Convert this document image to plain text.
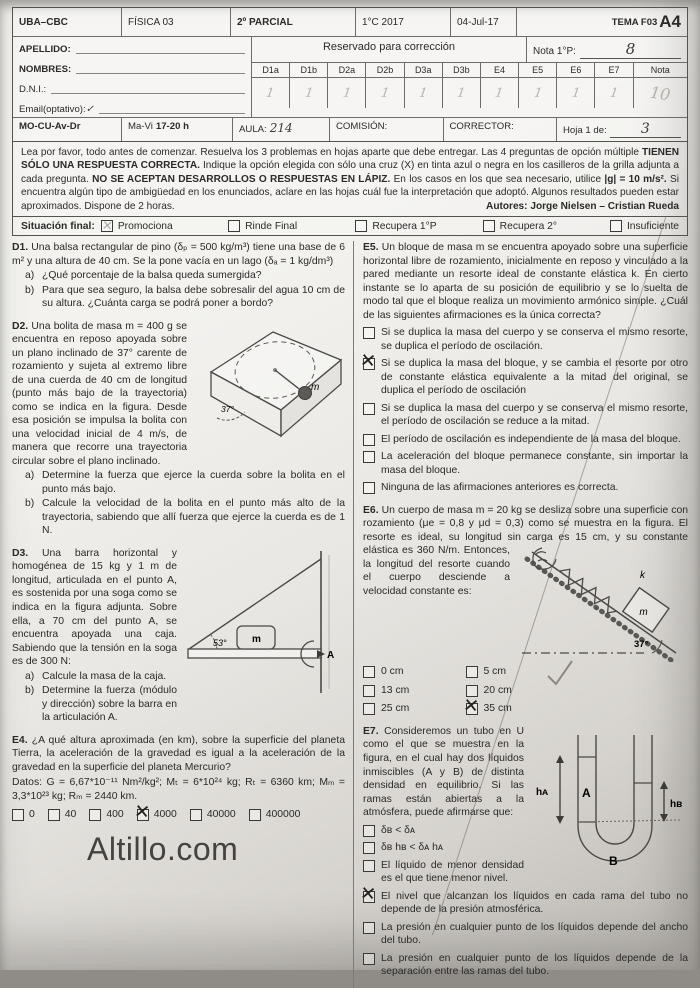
UBA–CBC	FÍSICA 03	2º PARCIAL	1°C 2017	04-Jul-17	TEMA F03 A4
APELLIDO:
NOMBRES:
D.N.I.:
Email(optativo): ✓
Reservado para corrección	Nota 1°P:	8
D1a	D1b	D2a	D2b	D3a	D3b	E4	E5	E6	E7	Nota
1 1 1 1 1 1 1 1 1 1 10
MO-CU-Av-Dr	Ma-Vi 17-20 h	AULA: 214	COMISIÓN:	CORRECTOR:	Hoja 1 de:	3
Lea por favor, todo antes de comenzar. Resuelva los 3 problemas en hojas aparte que debe entregar. Las 4 preguntas de opción múltiple TIENEN SÓLO UNA RESPUESTA CORRECTA. Indique la opción elegida con sólo una cruz (X) en tinta azul o negra en los casilleros de la grilla adjunta a cada pregunta. NO SE ACEPTAN DESARROLLOS O RESPUESTAS EN LÁPIZ. En los casos en los que sea necesario, utilice |g| = 10 m/s². Si encuentra algún tipo de ambigüedad en los enunciados, aclare en las hojas cuál fue la interpretación que adoptó. Algunos resultados pueden estar aproximados. Dispone de 2 horas.	Autores: Jorge Nielsen – Cristian Rueda
Situación final: ✕ Promociona	Rinde Final	Recupera 1°P	Recupera 2°	Insuficiente

D1. Una balsa rectangular de pino (δₚ = 500 kg/m³) tiene una base de 6 m² y una altura de 40 cm. Se la pone vacía en un lago (δₐ = 1 kg/dm³)

a) ¿Qué porcentaje de la balsa queda sumergida?
b) Para que sea seguro, la balsa debe sobresalir del agua 10 cm de su altura. ¿Cuánta carga se podrá poner a bordo?

m
37°
D2. Una bolita de masa m = 400 g se encuentra en reposo apoyada sobre un plano inclinado de 37° carente de rozamiento y sujeta al extremo libre de una cuerda de 40 cm de longitud (punto más bajo de la trayectoria) como se indica en la figura. Desde esa posición se impulsa la bolita con una velocidad inicial de 4 m/s, de manera que recorre una trayectoria circular sobre el plano inclinado.

a) Determine la fuerza que ejerce la cuerda sobre la bolita en el punto más bajo.
b) Calcule la velocidad de la bolita en el punto más alto de la trayectoria, sabiendo que allí fuerza que ejerce la cuerda es de 1 N.

53°	m
A
D3. Una barra horizontal y homogénea de 15 kg y 1 m de longitud, articulada en el punto A, es sostenida por una soga como se indica en la figura adjunta. Sobre ella, a 70 cm del punto A, se encuentra apoyada una caja. Sabiendo que la tensión en la soga es de 300 N:

a) Calcule la masa de la caja.
b) Determine la fuerza (módulo y dirección) sobre la barra en la articulación A.

E4. ¿A qué altura aproximada (en km), sobre la superficie del planeta Tierra, la aceleración de la gravedad es igual a la aceleración de la gravedad en la superficie del planeta Mercurio?

Datos: G = 6,67*10⁻¹¹ Nm²/kg²; Mₜ = 6*10²⁴ kg; Rₜ = 6360 km; Mₘ = 3,3*10²³ kg; Rₘ = 2440 km.

0	40	400 ✕ 4000	40000	400000
Altillo.com

E5. Un bloque de masa m se encuentra apoyado sobre una superficie horizontal libre de rozamiento, inicialmente en reposo y vinculado a la pared mediante un resorte ideal de constante elástica k. En cierto instante se lo aparta de su posición de equilibrio y se lo suelta de modo tal que el bloque realiza un movimiento armónico simple. ¿Cuál de las siguientes afirmaciones es la única correcta?

Si se duplica la masa del cuerpo y se conserva el mismo resorte, se duplica el período de oscilación.
✕ Si se duplica la masa del bloque, y se cambia el resorte por otro de constante elástica equivalente a la mitad del original, se duplica el período de oscilación
Si se duplica la masa del cuerpo y se conserva el mismo resorte, el período de oscilación se reduce a la mitad.
El período de oscilación es independiente de la masa del bloque.
La aceleración del bloque permanece constante, sin importar la masa del bloque.
Ninguna de las afirmaciones anteriores es correcta.

E6. Un cuerpo de masa m = 20 kg se desliza sobre una superficie con rozamiento (μe = 0,8 y μd = 0,3) como se muestra en la figura. El resorte es ideal, su longitud sin carga es 15 cm, y
k
m
37°
su constante elástica es 360 N/m. Entonces, la longitud del resorte cuando el cuerpo desciende a velocidad constante es:

0 cm	5 cm
13 cm	20 cm
25 cm	✕ 35 cm

hᴀ
hʙ
A
B
E7. Consideremos un tubo en U como el que se muestra en la figura, en el cual hay dos líquidos inmiscibles (A y B) de distinta densidad en equilibrio. Si las ramas están abiertas a la atmósfera, puede afirmarse que:

δʙ < δᴀ
δʙ hʙ < δᴀ hᴀ
El líquido de menor densidad es el que tiene menor nivel.
✕ El nivel que alcanzan los líquidos en cada rama del tubo no depende de la presión atmosférica.
La presión en cualquier punto de los líquidos depende del ancho del tubo.
La presión en cualquier punto de los líquidos depende de la separación entre las ramas del tubo.
